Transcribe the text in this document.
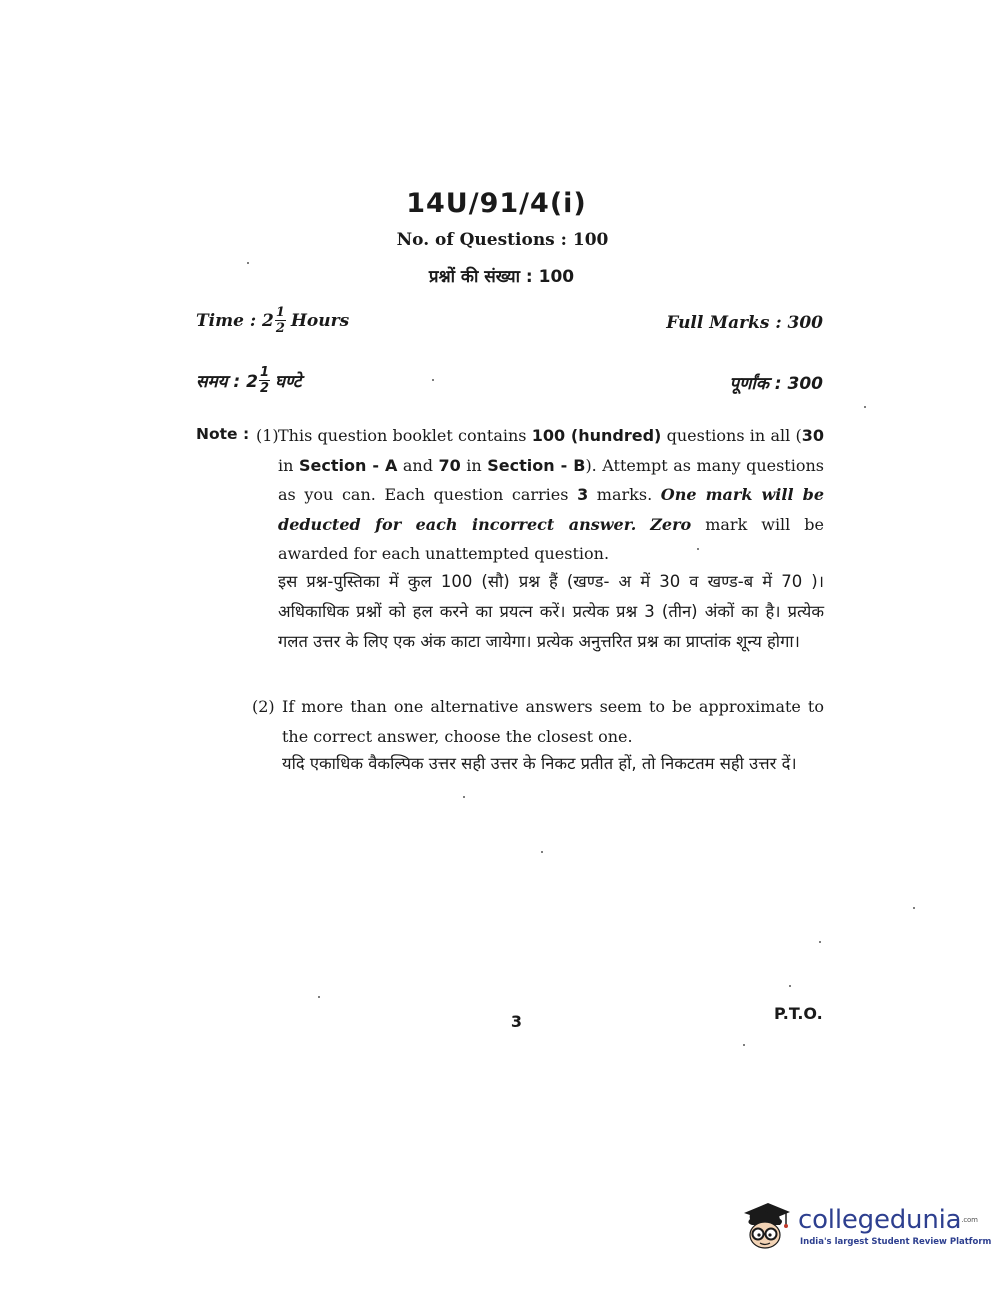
14U/91/4(i)
No. of Questions : 100
प्रश्नों की संख्या : 100
Time : $2 \frac{1}{2}$ Hours	Full Marks : 300
समय : $2 \frac{1}{2}$ घण्टे	पूर्णांक : 300
Note : (1) This question booklet contains 100 (hundred) questions in all (30 in Section - A and 70 in Section - B). Attempt as many questions as you can. Each question carries 3 marks. One mark will be deducted for each incorrect answer. Zero mark will be awarded for each unattempted question.
इस प्रश्न-पुस्तिका में कुल 100 (सौ) प्रश्न हैं (खण्ड- अ में 30 व खण्ड-ब में 70 )। अधिकाधिक प्रश्नों को हल करने का प्रयत्न करें। प्रत्येक प्रश्न 3 (तीन) अंकों का है। प्रत्येक गलत उत्तर के लिए एक अंक काटा जायेगा। प्रत्येक अनुत्तरित प्रश्न का प्राप्तांक शून्य होगा।
(2) If more than one alternative answers seem to be approximate to the correct answer, choose the closest one.
यदि एकाधिक वैकल्पिक उत्तर सही उत्तर के निकट प्रतीत हों, तो निकटतम सही उत्तर दें।
3	P.T.O.
collegedunia$^{.com}$
India's largest Student Review Platform
